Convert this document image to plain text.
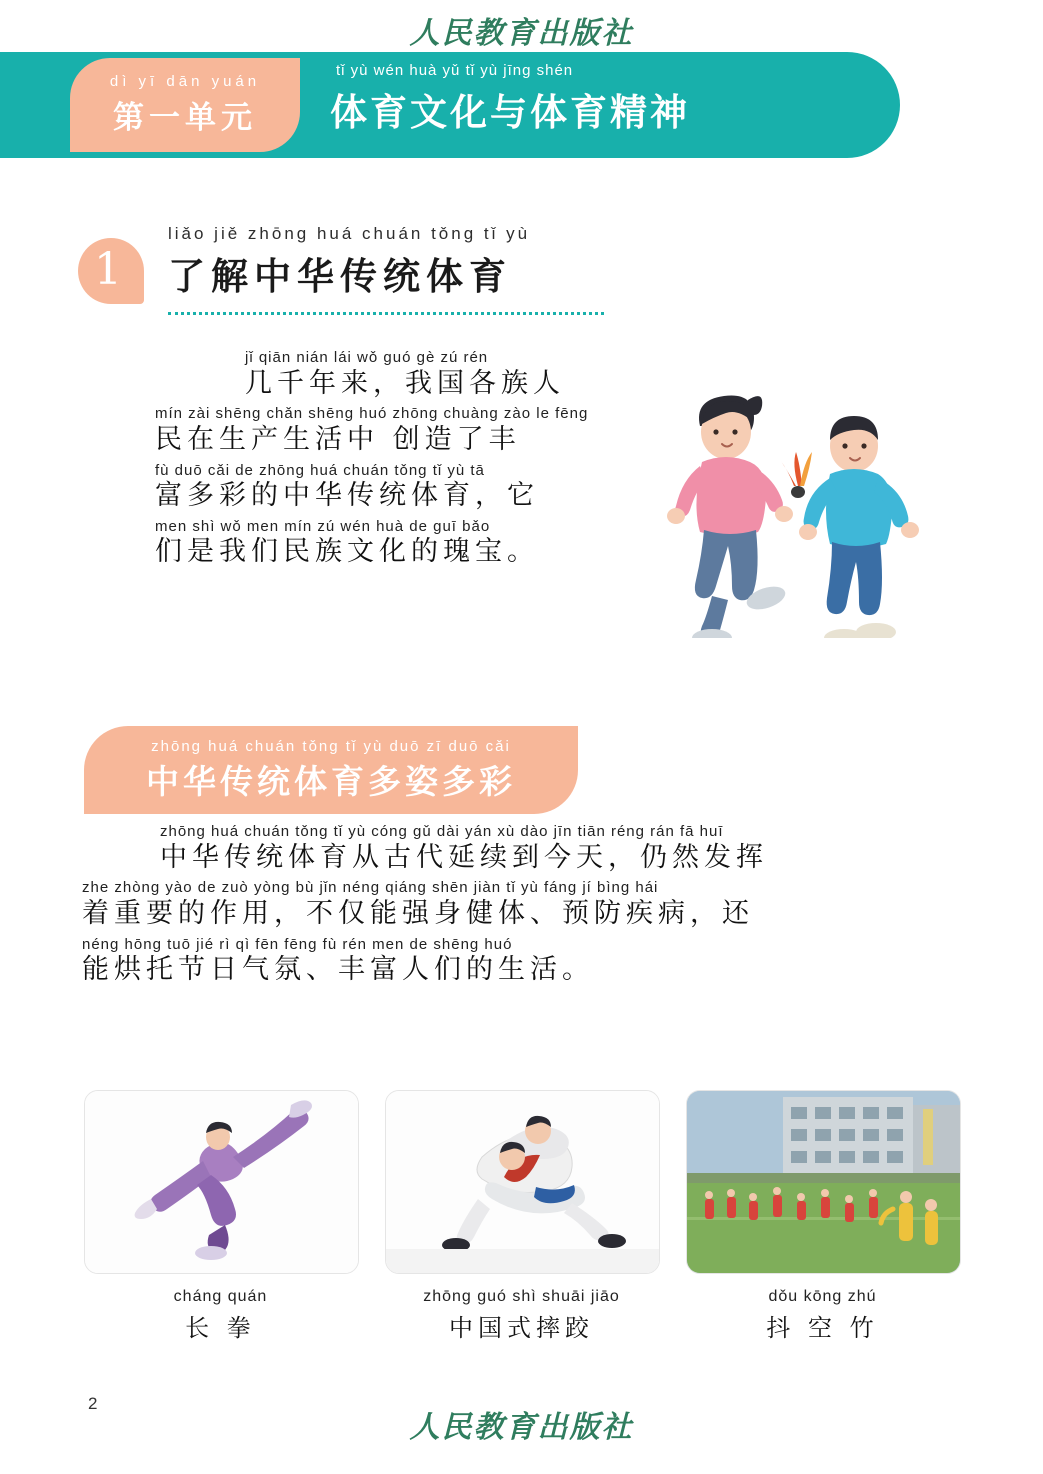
人民教育出版社
dì yī dān yuán
第一单元
tǐ yù wén huà yǔ tǐ yù jīng shén
体育文化与体育精神
1
liǎo jiě zhōng huá chuán tǒng tǐ yù
了解中华传统体育
jǐ qiān nián lái wǒ guó gè zú rén
几千年来，我国各族人
mín zài shēng chǎn shēng huó zhōng chuàng zào le fēng
民在生产生活中 创造了丰
fù duō cǎi de zhōng huá chuán tǒng tǐ yù tā
富多彩的中华传统体育，它
men shì wǒ men mín zú wén huà de guī bǎo
们是我们民族文化的瑰宝。
zhōng huá chuán tǒng tǐ yù duō zī duō cǎi
中华传统体育多姿多彩
zhōng huá chuán tǒng tǐ yù cóng gǔ dài yán xù dào jīn tiān réng rán fā huī
中华传统体育从古代延续到今天，仍然发挥
zhe zhòng yào de zuò yòng bù jǐn néng qiáng shēn jiàn tǐ yù fáng jí bìng hái
着重要的作用，不仅能强身健体、预防疾病，还
néng hōng tuō jié rì qì fēn fēng fù rén men de shēng huó
能烘托节日气氛、丰富人们的生活。
cháng quán
长 拳
zhōng guó shì shuāi jiāo
中国式摔跤
dǒu kōng zhú
抖 空 竹
2
人民教育出版社
